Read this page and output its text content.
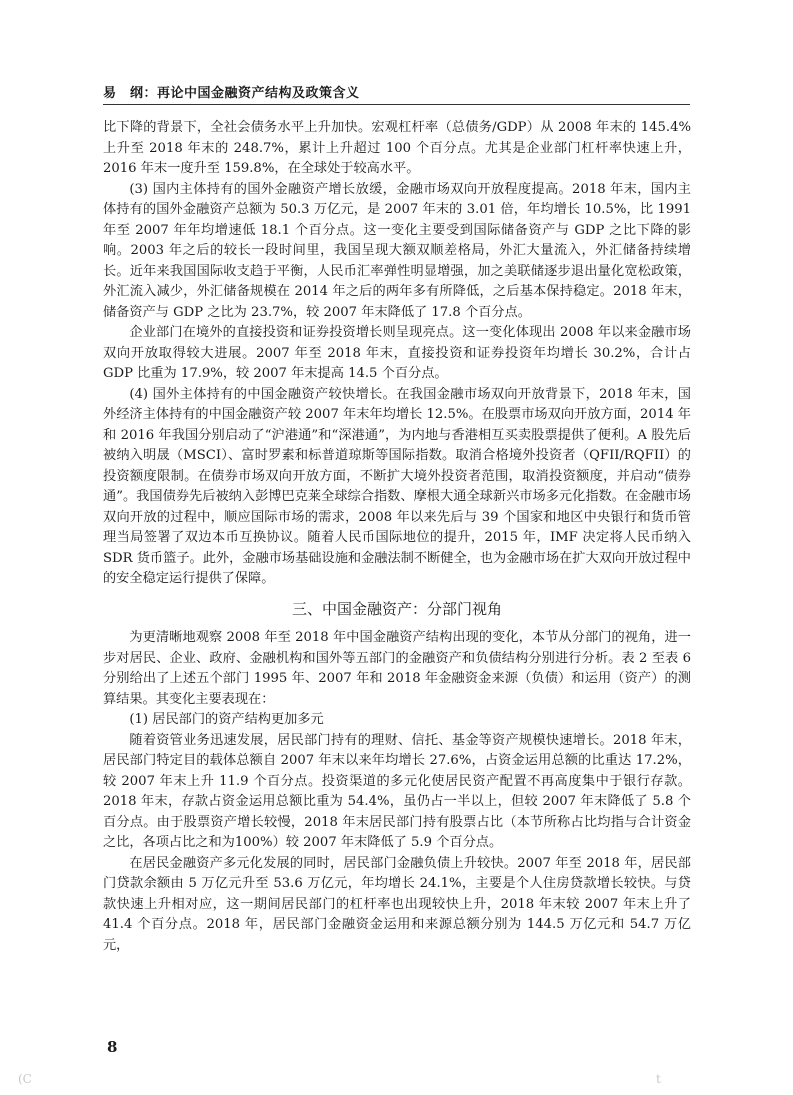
易　纲：再论中国金融资产结构及政策含义

比下降的背景下，全社会债务水平上升加快。宏观杠杆率（总债务/GDP）从 2008 年末的 145.4% 上升至 2018 年末的 248.7%，累计上升超过 100 个百分点。尤其是企业部门杠杆率快速上升，2016 年末一度升至 159.8%，在全球处于较高水平。

(3) 国内主体持有的国外金融资产增长放缓，金融市场双向开放程度提高。2018 年末，国内主体持有的国外金融资产总额为 50.3 万亿元，是 2007 年末的 3.01 倍，年均增长 10.5%，比 1991 年至 2007 年年均增速低 18.1 个百分点。这一变化主要受到国际储备资产与 GDP 之比下降的影响。2003 年之后的较长一段时间里，我国呈现大额双顺差格局，外汇大量流入，外汇储备持续增长。近年来我国国际收支趋于平衡，人民币汇率弹性明显增强，加之美联储逐步退出量化宽松政策，外汇流入减少，外汇储备规模在 2014 年之后的两年多有所降低，之后基本保持稳定。2018 年末，储备资产与 GDP 之比为 23.7%，较 2007 年末降低了 17.8 个百分点。

企业部门在境外的直接投资和证券投资增长则呈现亮点。这一变化体现出 2008 年以来金融市场双向开放取得较大进展。2007 年至 2018 年末，直接投资和证券投资年均增长 30.2%，合计占 GDP 比重为 17.9%，较 2007 年末提高 14.5 个百分点。

(4) 国外主体持有的中国金融资产较快增长。在我国金融市场双向开放背景下，2018 年末，国外经济主体持有的中国金融资产较 2007 年末年均增长 12.5%。在股票市场双向开放方面，2014 年和 2016 年我国分别启动了“沪港通”和“深港通”，为内地与香港相互买卖股票提供了便利。A 股先后被纳入明晟（MSCI）、富时罗素和标普道琼斯等国际指数。取消合格境外投资者（QFII/RQFII）的投资额度限制。在债券市场双向开放方面，不断扩大境外投资者范围，取消投资额度，并启动“债券通”。我国债券先后被纳入彭博巴克莱全球综合指数、摩根大通全球新兴市场多元化指数。在金融市场双向开放的过程中，顺应国际市场的需求，2008 年以来先后与 39 个国家和地区中央银行和货币管理当局签署了双边本币互换协议。随着人民币国际地位的提升，2015 年，IMF 决定将人民币纳入 SDR 货币篮子。此外，金融市场基础设施和金融法制不断健全，也为金融市场在扩大双向开放过程中的安全稳定运行提供了保障。

三、中国金融资产：分部门视角

为更清晰地观察 2008 年至 2018 年中国金融资产结构出现的变化，本节从分部门的视角，进一步对居民、企业、政府、金融机构和国外等五部门的金融资产和负债结构分别进行分析。表 2 至表 6 分别给出了上述五个部门 1995 年、2007 年和 2018 年金融资金来源（负债）和运用（资产）的测算结果。其变化主要表现在：

(1) 居民部门的资产结构更加多元

随着资管业务迅速发展，居民部门持有的理财、信托、基金等资产规模快速增长。2018 年末，居民部门特定目的载体总额自 2007 年末以来年均增长 27.6%，占资金运用总额的比重达 17.2%，较 2007 年末上升 11.9 个百分点。投资渠道的多元化使居民资产配置不再高度集中于银行存款。2018 年末，存款占资金运用总额比重为 54.4%，虽仍占一半以上，但较 2007 年末降低了 5.8 个百分点。由于股票资产增长较慢，2018 年末居民部门持有股票占比（本节所称占比均指与合计资金之比，各项占比之和为100%）较 2007 年末降低了 5.9 个百分点。

在居民金融资产多元化发展的同时，居民部门金融负债上升较快。2007 年至 2018 年，居民部门贷款余额由 5 万亿元升至 53.6 万亿元，年均增长 24.1%，主要是个人住房贷款增长较快。与贷款快速上升相对应，这一期间居民部门的杠杆率也出现较快上升，2018 年末较 2007 年末上升了 41.4 个百分点。2018 年，居民部门金融资金运用和来源总额分别为 144.5 万亿元和 54.7 万亿元，

8
(C	t
